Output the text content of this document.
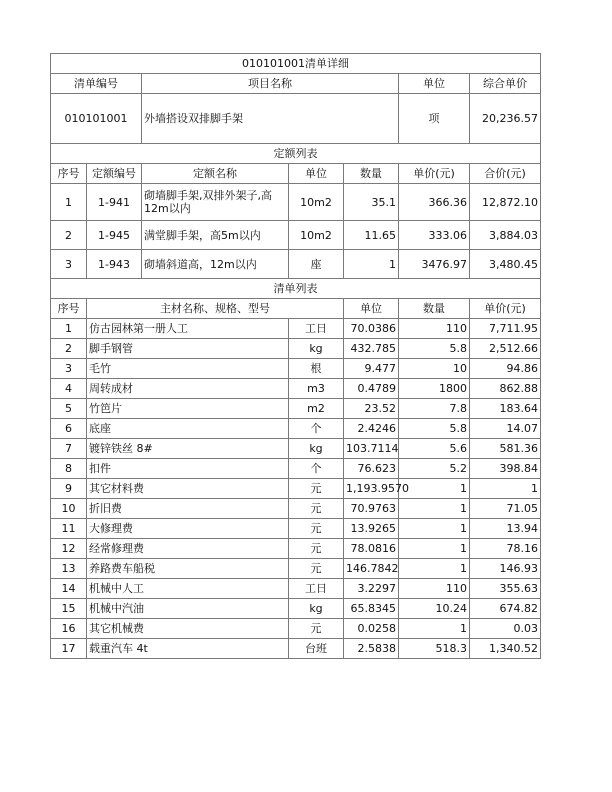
010101001清单详细							
清单编号		项目名称			单位	综合单价	
010101001		外墙搭设双排脚手架			项	20,236.57	
定额列表							
序号	定额编号	定额名称	单位	数量	单价(元)	合价(元)	
1	1-941	砌墙脚手架,双排外架子,高12m以内	10m2	35.1	366.36	12,872.10	
2	1-945	满堂脚手架，高5m以内	10m2	11.65	333.06	3,884.03	
3	1-943	砌墙斜道高，12m以内	座	1	3476.97	3,480.45	
清单列表							
序号	主材名称、规格、型号			单位	数量	单价(元)	
1	仿古园林第一册人工		工日	70.0386	110	7,711.95	
2	脚手钢管		kg	432.785	5.8	2,512.66	
3	毛竹		根	9.477	10	94.86	
4	周转成材		m3	0.4789	1800	862.88	
5	竹笆片		m2	23.52	7.8	183.64	
6	底座		个	2.4246	5.8	14.07	
7	镀锌铁丝 8#		kg	103.7114	5.6	581.36	
8	扣件		个	76.623	5.2	398.84	
9	其它材料费		元	1,193.9570	1	1	
10	折旧费		元	70.9763	1	71.05	
11	大修理费		元	13.9265	1	13.94	
12	经常修理费		元	78.0816	1	78.16	
13	养路费车船税		元	146.7842	1	146.93	
14	机械中人工		工日	3.2297	110	355.63	
15	机械中汽油		kg	65.8345	10.24	674.82	
16	其它机械费		元	0.0258	1	0.03	
17	载重汽车 4t		台班	2.5838	518.3	1,340.52	
